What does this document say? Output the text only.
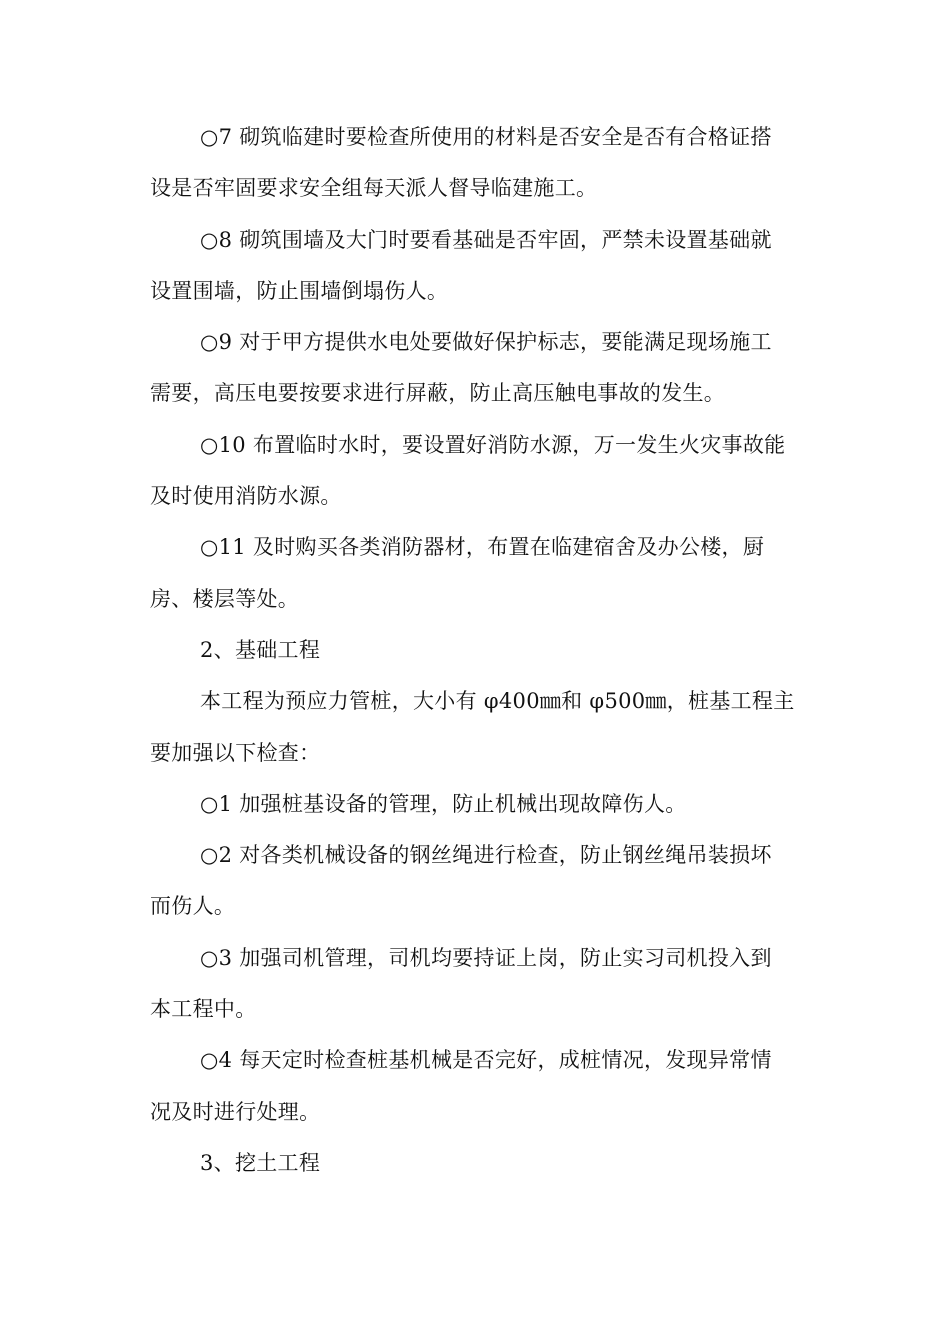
○7 砌筑临建时要检查所使用的材料是否安全是否有合格证搭
设是否牢固要求安全组每天派人督导临建施工。
○8 砌筑围墙及大门时要看基础是否牢固，严禁未设置基础就
设置围墙，防止围墙倒塌伤人。
○9 对于甲方提供水电处要做好保护标志，要能满足现场施工
需要，高压电要按要求进行屏蔽，防止高压触电事故的发生。
○10 布置临时水时，要设置好消防水源，万一发生火灾事故能
及时使用消防水源。
○11 及时购买各类消防器材，布置在临建宿舍及办公楼，厨
房、楼层等处。
2、基础工程
本工程为预应力管桩，大小有 φ400㎜和 φ500㎜，桩基工程主
要加强以下检查：
○1 加强桩基设备的管理，防止机械出现故障伤人。
○2 对各类机械设备的钢丝绳进行检查，防止钢丝绳吊装损坏
而伤人。
○3 加强司机管理，司机均要持证上岗，防止实习司机投入到
本工程中。
○4 每天定时检查桩基机械是否完好，成桩情况，发现异常情
况及时进行处理。
3、挖土工程
